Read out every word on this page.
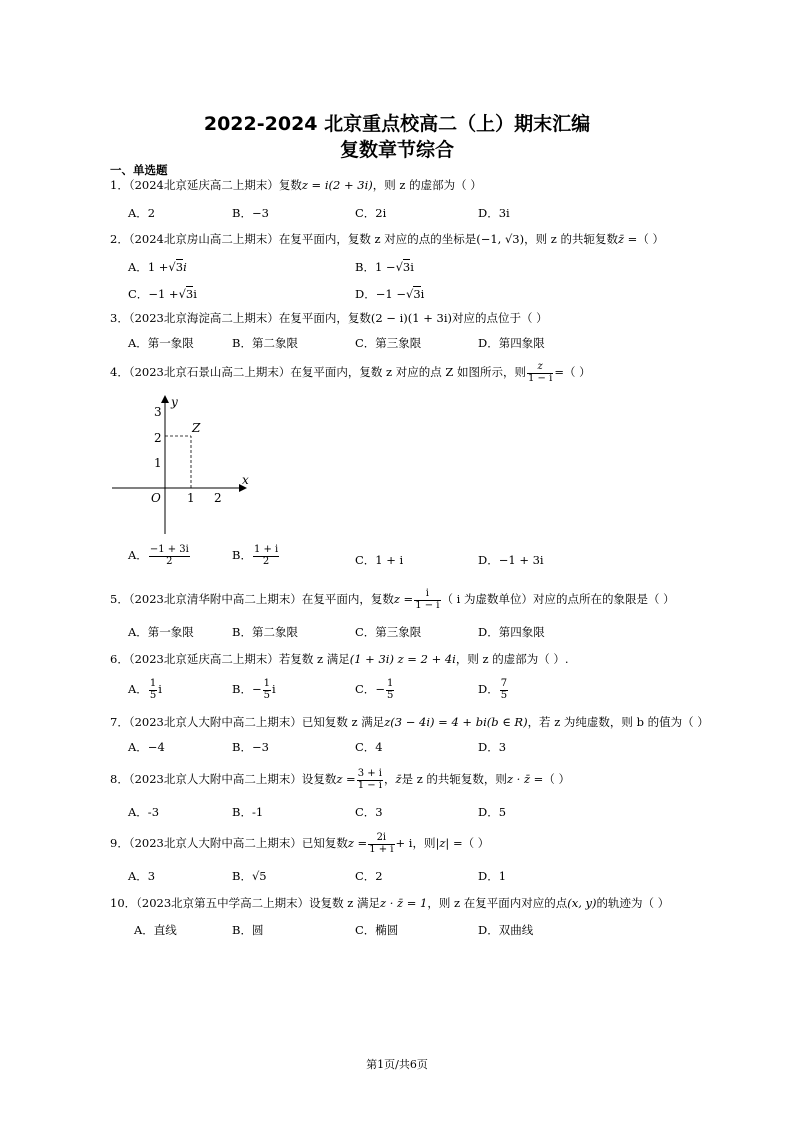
2022-2024 北京重点校高二（上）期末汇编
复数章节综合
一、单选题
1．（2024北京延庆高二上期末）复数z = i(2 + 3i)，则 z 的虚部为（ ）
A．2	B．−3	C．2i	D．3i
2．（2024北京房山高二上期末）在复平面内，复数 z 对应的点的坐标是(−1, √3)，则 z 的共轭复数z̄ =（ ）
A．1 +√3i	B．1 −√3i
C．−1 +√3i	D．−1 −√3i
3．（2023北京海淀高二上期末）在复平面内，复数(2 − i)(1 + 3i)对应的点位于（ ）
A．第一象限	B．第二象限	C．第三象限	D．第四象限
4．（2023北京石景山高二上期末）在复平面内，复数 z 对应的点 Z 如图所示，则 $\frac{z}{1 - i}$ =（ ）
y
x
O
Z
3
2
1
1 2
A． $\frac{-1 + 3i}{2}$	B． $\frac{1 + i}{2}$	C．1 + i	D．−1 + 3i
5．（2023北京清华附中高二上期末）在复平面内，复数$z = \frac{i}{1 - i}$ （ i 为虚数单位）对应的点所在的象限是（ ）
A．第一象限	B．第二象限	C．第三象限	D．第四象限
6．（2023北京延庆高二上期末）若复数 z 满足(1 + 3i) z = 2 + 4i，则 z 的虚部为（ ）.
A． $\frac{1}{5}$ i	B．− $\frac{1}{5}$ i	C．− $\frac{1}{5}$	D． $\frac{7}{5}$
7．（2023北京人大附中高二上期末）已知复数 z 满足z(3 − 4i) = 4 + bi(b ∈ R)，若 z 为纯虚数，则 b 的值为（ ）
A．−4	B．−3	C．4	D．3
8．（2023北京人大附中高二上期末）设复数$z = \frac{3 + i}{1 - i}$ ，z̄是 z 的共轭复数，则z · z̄ =（ ）
A．-3	B．-1	C．3	D．5
9．（2023北京人大附中高二上期末）已知复数$z = \frac{2i}{1 + i} + i$，则|z| =（ ）
A．3	B．√5	C．2	D．1
10．（2023北京第五中学高二上期末）设复数 z 满足z · z̄ = 1，则 z 在复平面内对应的点(x, y)的轨迹为（ ）
A．直线	B．圆	C．椭圆	D．双曲线
第1页/共6页
